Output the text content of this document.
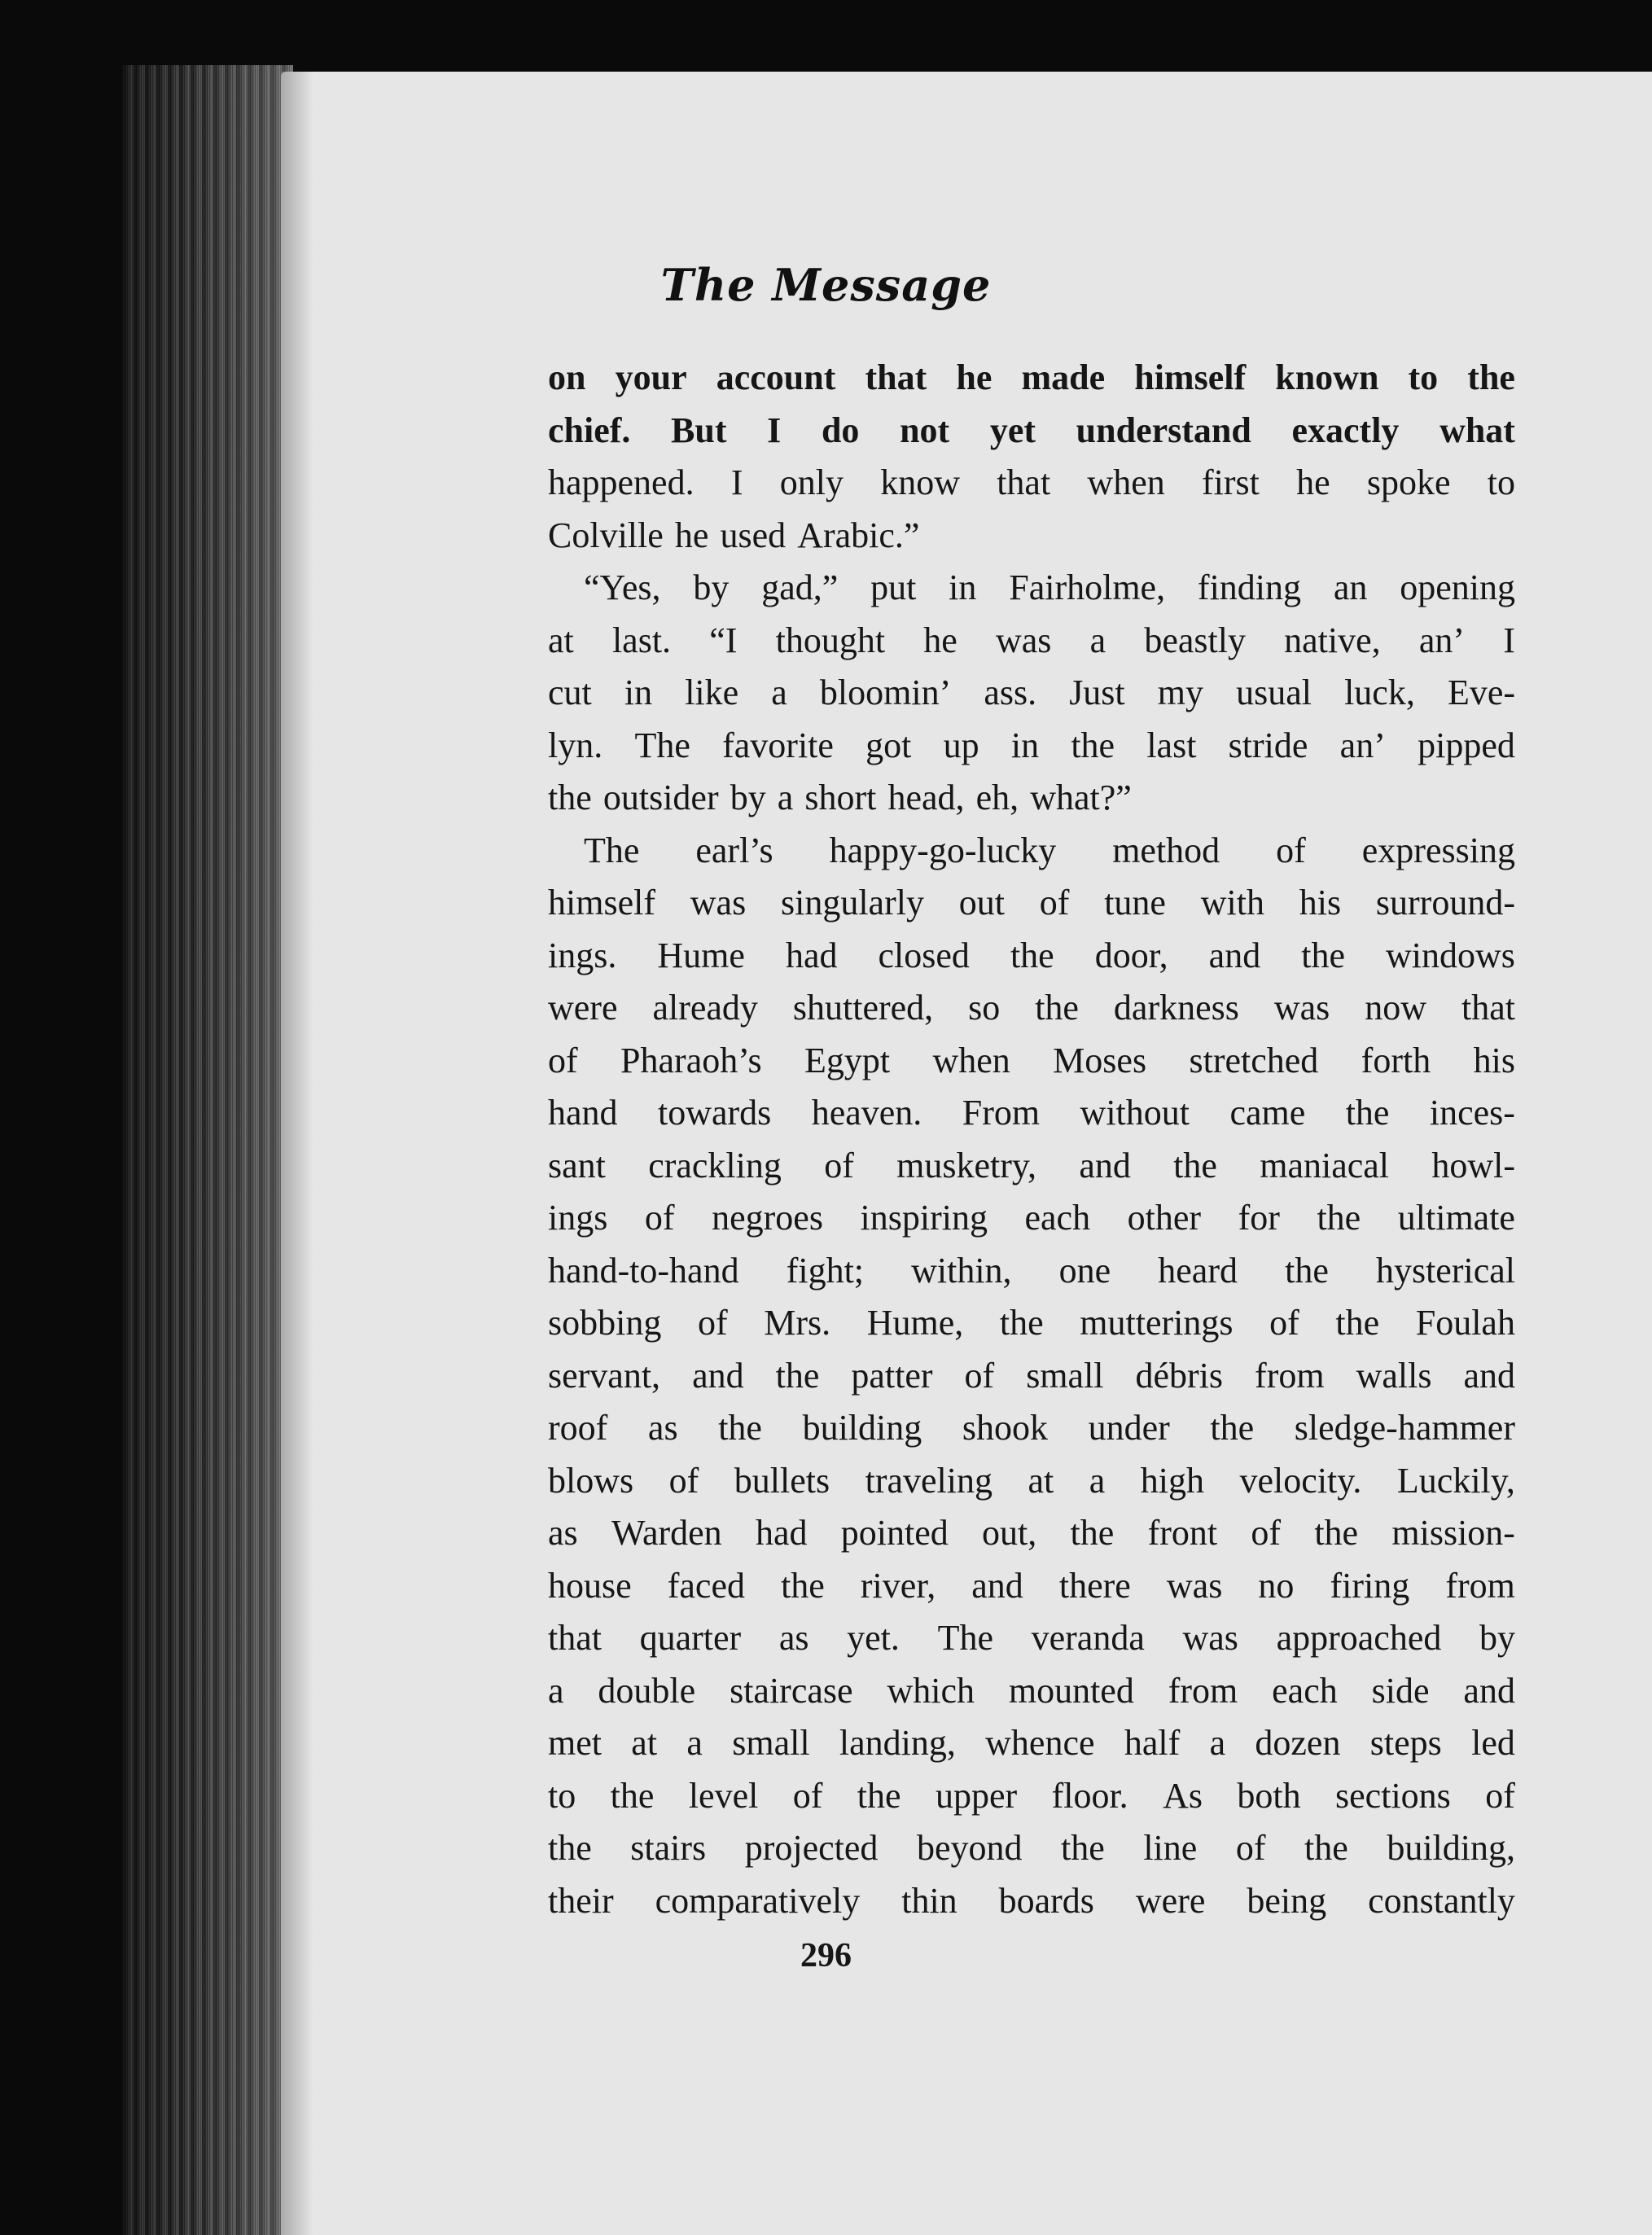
The Message
on your account that he made himself known to the
chief. But I do not yet understand exactly what
happened. I only know that when first he spoke to
Colville he used Arabic.”
“Yes, by gad,” put in Fairholme, finding an opening
at last. “I thought he was a beastly native, an’ I
cut in like a bloomin’ ass. Just my usual luck, Eve-
lyn. The favorite got up in the last stride an’ pipped
the outsider by a short head, eh, what?”
The earl’s happy-go-lucky method of expressing
himself was singularly out of tune with his surround-
ings. Hume had closed the door, and the windows
were already shuttered, so the darkness was now that
of Pharaoh’s Egypt when Moses stretched forth his
hand towards heaven. From without came the inces-
sant crackling of musketry, and the maniacal howl-
ings of negroes inspiring each other for the ultimate
hand-to-hand fight; within, one heard the hysterical
sobbing of Mrs. Hume, the mutterings of the Foulah
servant, and the patter of small débris from walls and
roof as the building shook under the sledge-hammer
blows of bullets traveling at a high velocity. Luckily,
as Warden had pointed out, the front of the mission-
house faced the river, and there was no firing from
that quarter as yet. The veranda was approached by
a double staircase which mounted from each side and
met at a small landing, whence half a dozen steps led
to the level of the upper floor. As both sections of
the stairs projected beyond the line of the building,
their comparatively thin boards were being constantly
296
